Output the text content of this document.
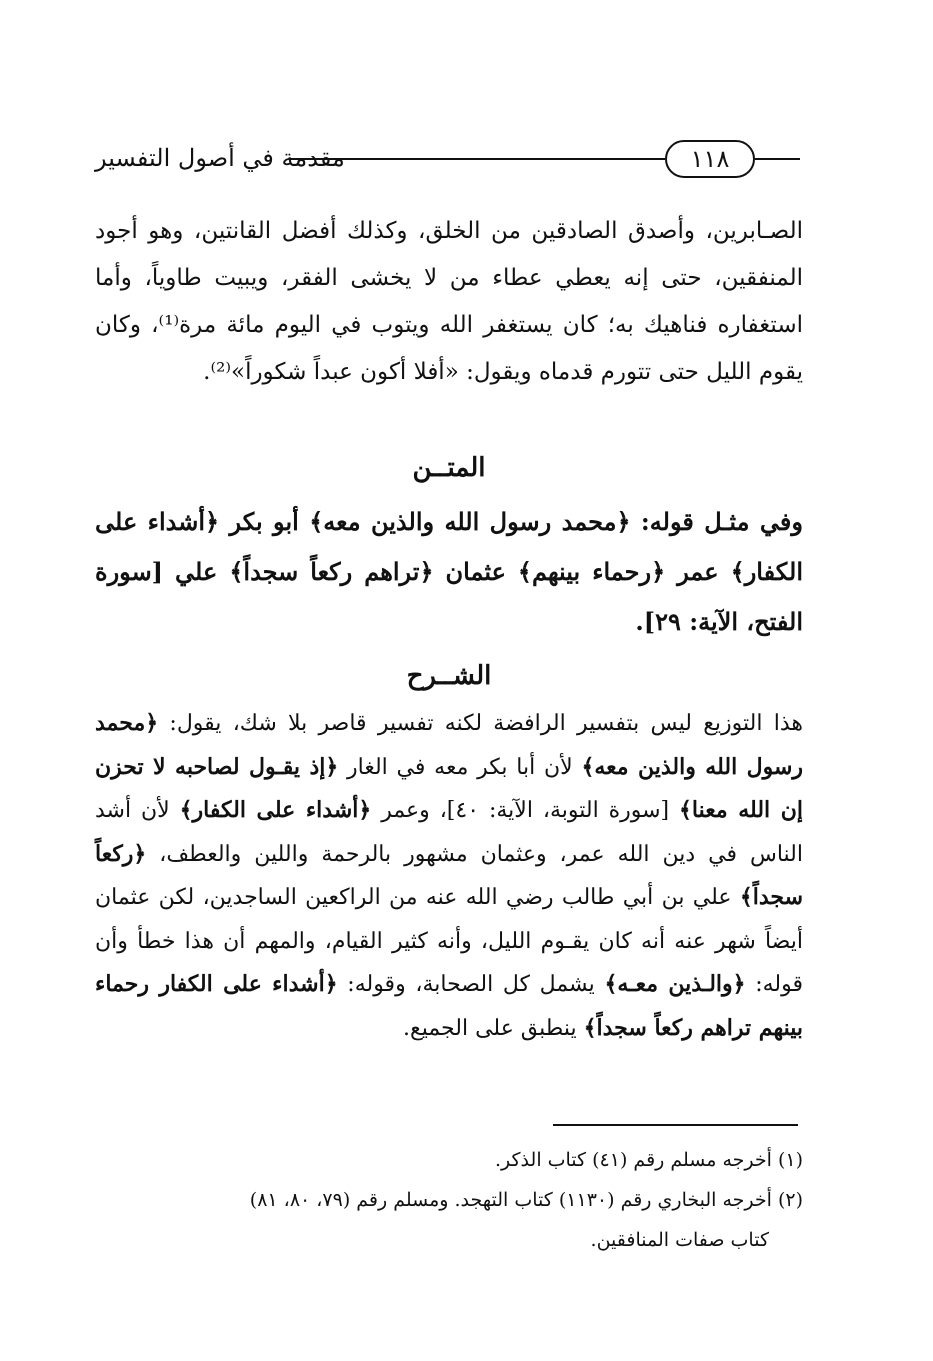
مقدمة في أصول التفسير	١١٨
الصـابرين، وأصدق الصادقين من الخلق، وكذلك أفضل القانتين، وهو أجود المنفقين، حتى إنه يعطي عطاء من لا يخشى الفقر، ويبيت طاوياً، وأما استغفاره فناهيك به؛ كان يستغفر الله ويتوب في اليوم مائة مرة⁽¹⁾، وكان يقوم الليل حتى تتورم قدماه ويقول: «أفلا أكون عبداً شكوراً»⁽²⁾.
المتــن
وفي مثـل قوله: ﴿محمد رسول الله والذين معه﴾ أبو بكر ﴿أشداء على الكفار﴾ عمر ﴿رحماء بينهم﴾ عثمان ﴿تراهم ركعاً سجداً﴾ علي [سورة الفتح، الآية: ٢٩].
الشــرح
هذا التوزيع ليس بتفسير الرافضة لكنه تفسير قاصر بلا شك، يقول: ﴿محمد رسول الله والذين معه﴾ لأن أبا بكر معه في الغار ﴿إذ يقـول لصاحبه لا تحزن إن الله معنا﴾ [سورة التوبة، الآية: ٤٠]، وعمر ﴿أشداء على الكفار﴾ لأن أشد الناس في دين الله عمر، وعثمان مشهور بالرحمة واللين والعطف، ﴿ركعاً سجداً﴾ علي بن أبي طالب رضي الله عنه من الراكعين الساجدين، لكن عثمان أيضاً شهر عنه أنه كان يقـوم الليل، وأنه كثير القيام، والمهم أن هذا خطأ وأن قوله: ﴿والـذين معـه﴾ يشمل كل الصحابة، وقوله: ﴿أشداء على الكفار رحماء بينهم تراهم ركعاً سجداً﴾ ينطبق على الجميع.
(١) أخرجه مسلم رقم (٤١) كتاب الذكر.
(٢) أخرجه البخاري رقم (١١٣٠) كتاب التهجد. ومسلم رقم (٧٩، ٨٠، ٨١)
كتاب صفات المنافقين.
